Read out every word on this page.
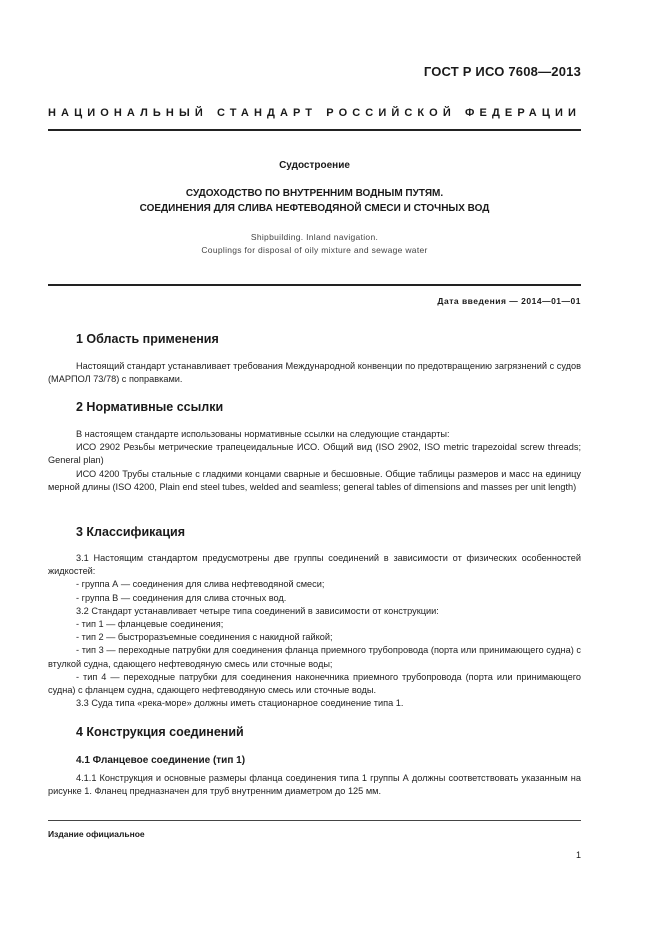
ГОСТ Р ИСО 7608—2013
НАЦИОНАЛЬНЫЙ СТАНДАРТ РОССИЙСКОЙ ФЕДЕРАЦИИ
Судостроение
СУДОХОДСТВО ПО ВНУТРЕННИМ ВОДНЫМ ПУТЯМ.
СОЕДИНЕНИЯ ДЛЯ СЛИВА НЕФТЕВОДЯНОЙ СМЕСИ И СТОЧНЫХ ВОД
Shipbuilding. Inland navigation.
Couplings for disposal of oily mixture and sewage water
Дата введения — 2014—01—01
1 Область применения
Настоящий стандарт устанавливает требования Международной конвенции по предотвращению загрязнений с судов (МАРПОЛ 73/78) с поправками.
2 Нормативные ссылки
В настоящем стандарте использованы нормативные ссылки на следующие стандарты:
ИСО 2902 Резьбы метрические трапецеидальные ИСО. Общий вид (ISO 2902, ISO metric trapezoidal screw threads; General plan)
ИСО 4200 Трубы стальные с гладкими концами сварные и бесшовные. Общие таблицы размеров и масс на единицу мерной длины (ISO 4200, Plain end steel tubes, welded and seamless; general tables of dimensions and masses per unit length)
3 Классификация
3.1 Настоящим стандартом предусмотрены две группы соединений в зависимости от физических особенностей жидкостей:
- группа А — соединения для слива нефтеводяной смеси;
- группа В — соединения для слива сточных вод.
3.2 Стандарт устанавливает четыре типа соединений в зависимости от конструкции:
- тип 1 — фланцевые соединения;
- тип 2 — быстроразъемные соединения с накидной гайкой;
- тип 3 — переходные патрубки для соединения фланца приемного трубопровода (порта или принимающего судна) с втулкой судна, сдающего нефтеводяную смесь или сточные воды;
- тип 4 — переходные патрубки для соединения наконечника приемного трубопровода (порта или принимающего судна) с фланцем судна, сдающего нефтеводяную смесь или сточные воды.
3.3 Суда типа «река-море» должны иметь стационарное соединение типа 1.
4 Конструкция соединений
4.1 Фланцевое соединение (тип 1)
4.1.1 Конструкция и основные размеры фланца соединения типа 1 группы А должны соответствовать указанным на рисунке 1. Фланец предназначен для труб внутренним диаметром до 125 мм.
Издание официальное
1
